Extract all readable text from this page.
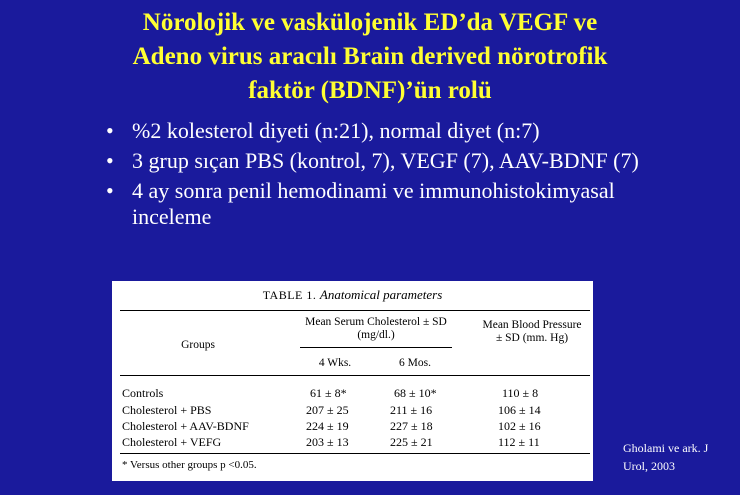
Nörolojik ve vaskülojenik ED’da VEGF ve
Adeno virus aracılı Brain derived nörotrofik
faktör (BDNF)’ün rolü
• %2 kolesterol diyeti (n:21), normal diyet (n:7)
• 3 grup sıçan PBS (kontrol, 7), VEGF (7), AAV-BDNF (7)
• 4 ay sonra penil hemodinami ve immunohistokimyasal inceleme
TABLE 1. Anatomical parameters
Groups
Mean Serum Cholesterol ± SD (mg/dl.)
4 Wks.	6 Mos.
Mean Blood Pressure ± SD (mm. Hg)
Controls	61 ± 8*	68 ± 10*	110 ± 8
Cholesterol + PBS	207 ± 25	211 ± 16	106 ± 14
Cholesterol + AAV-BDNF	224 ± 19	227 ± 18	102 ± 16
Cholesterol + VEFG	203 ± 13	225 ± 21	112 ± 11
* Versus other groups p <0.05.
Gholami ve ark. J Urol, 2003
